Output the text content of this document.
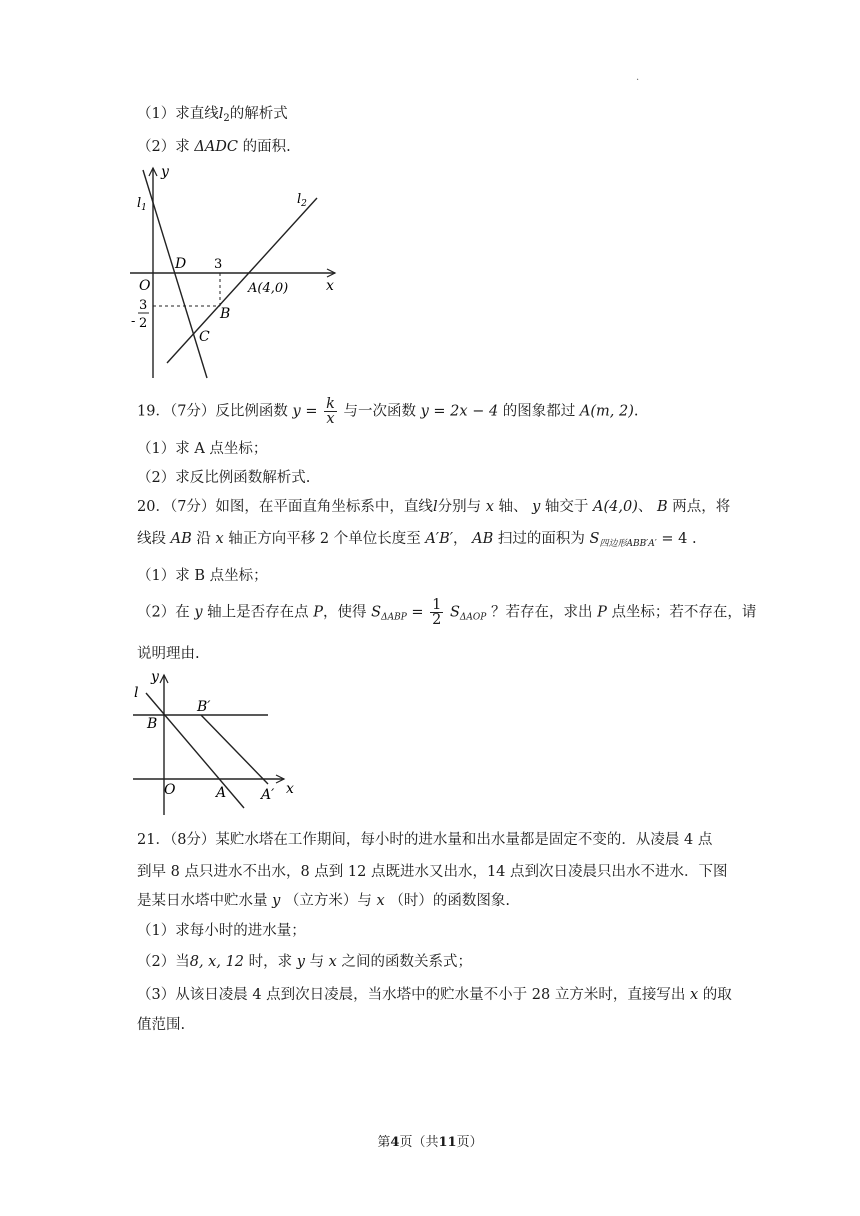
.
（1）求直线$l_2$的解析式
（2）求 ΔADC 的面积.
y
x
$l_1$
$l_2$
D 3
O	A(4,0)
B
C
-
3
2
19．（7分）反比例函数 $y = \frac{k}{x}$ 与一次函数 y = 2x − 4 的图象都过 A(m, 2).
（1）求 A 点坐标；
（2）求反比例函数解析式.
20．（7分）如图，在平面直角坐标系中，直线l分别与 x 轴、 y 轴交于 A(4,0)、 B 两点，将
线段 AB 沿 x 轴正方向平移 2 个单位长度至 A′B′， AB 扫过的面积为 $S_{四边形ABB'A'} = 4$ .
（1）求 B 点坐标；
（2）在 y 轴上是否存在点 P，使得 $S_{\Delta ABP} = \frac{1}{2} S_{\Delta AOP}$ ？若存在，求出 P 点坐标；若不存在，请
说明理由.
l
y
B′
B
O	A A′ x
21．（8分）某贮水塔在工作期间，每小时的进水量和出水量都是固定不变的．从凌晨 4 点
到早 8 点只进水不出水，8 点到 12 点既进水又出水，14 点到次日凌晨只出水不进水．下图
是某日水塔中贮水量 y （立方米）与 x （时）的函数图象.
（1）求每小时的进水量；
（2）当8, x, 12 时，求 y 与 x 之间的函数关系式；
（3）从该日凌晨 4 点到次日凌晨，当水塔中的贮水量不小于 28 立方米时，直接写出 x 的取
值范围.
第4页（共11页）
